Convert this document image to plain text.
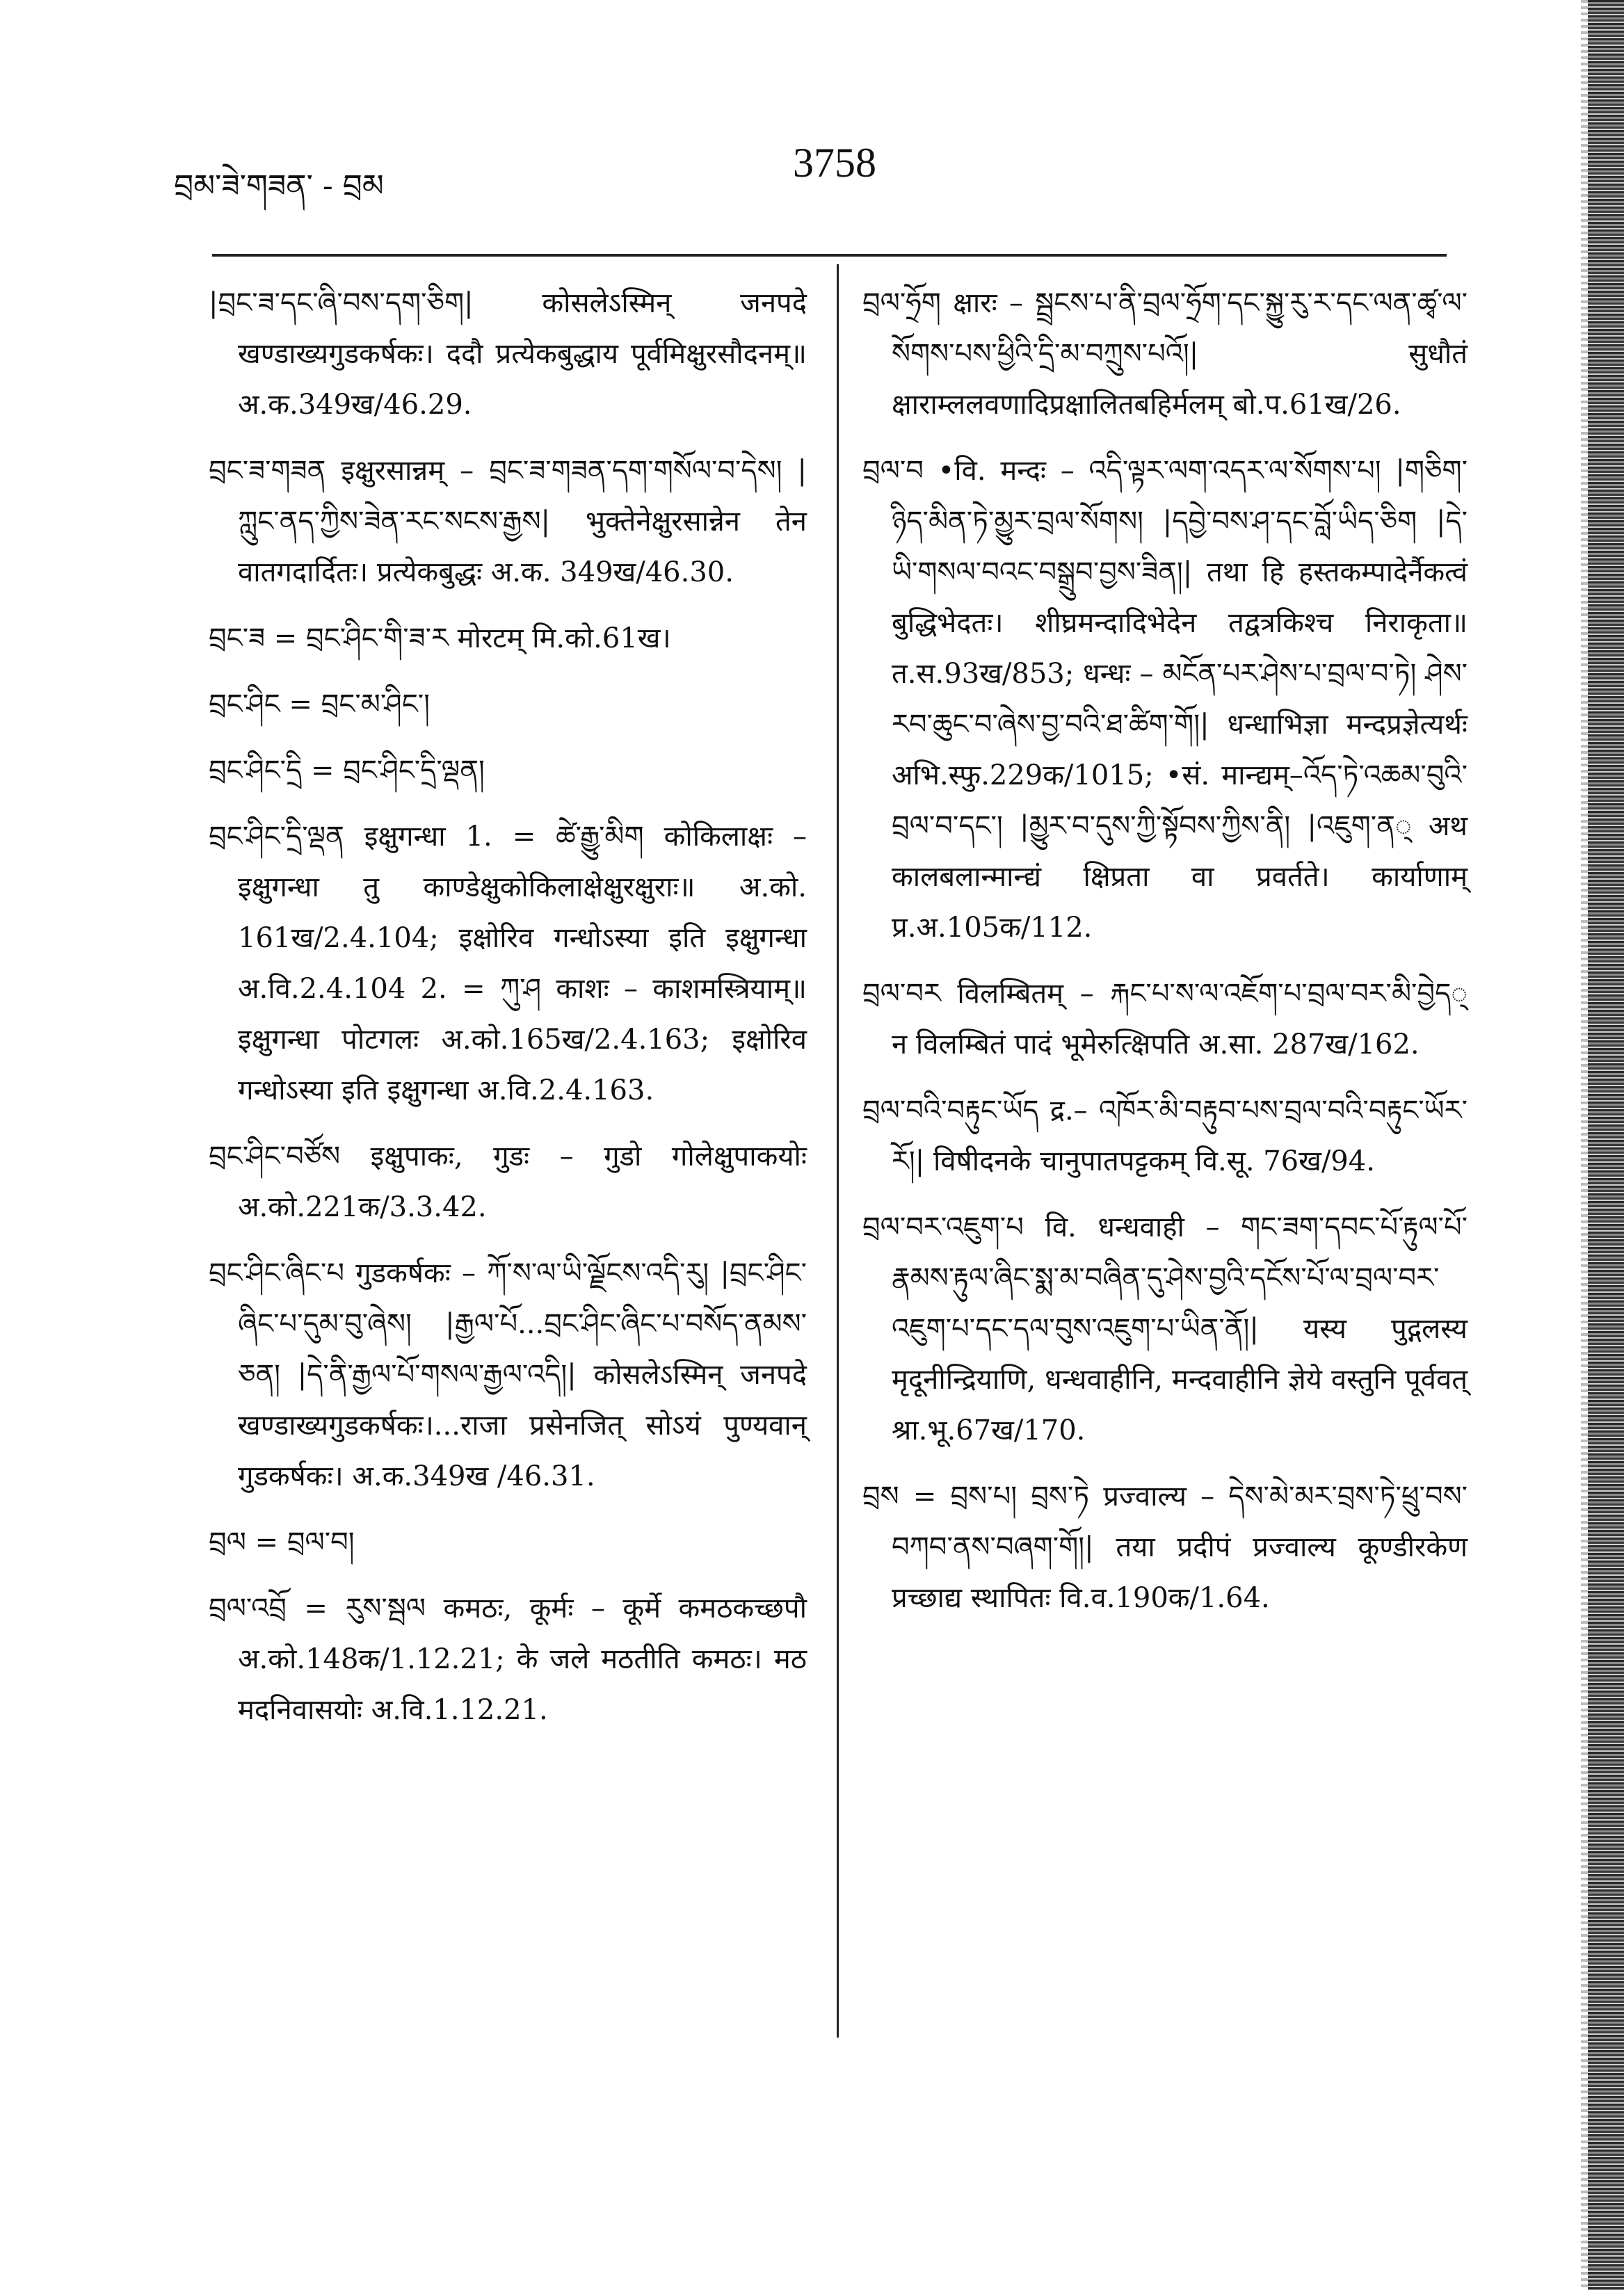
བྲམ་ཟེ་གཟན་ - བྲམ
3758

|བྲང་ཟ་དང་ཞི་བས་དག་ཅིག| कोसलेऽस्मिन् जनपदे खण्डाख्यगुडकर्षकः। ददौ प्रत्येकबुद्धाय पूर्वमिक्षुरसौदनम्॥ अ.क.349ख/46.29.

བྲང་ཟ་གཟན इक्षुरसान्नम् – བྲང་ཟ་གཟན་དག་གསོལ་བ་དེས། |ཀླུང་ནད་ཀྱིས་ཟེན་རང་སངས་རྒྱས| भुक्तेनेक्षुरसान्नेन तेन वातगदार्दितः। प्रत्येकबुद्धः अ.क. 349ख/46.30.

བྲང་ཟ = བྲང་ཤིང་གི་ཟ་ར मोरटम् मि.को.61ख।

བྲང་ཤིང = བྲང་མ་ཤིང་།

བྲང་ཤིང་དྲི = བྲང་ཤིང་དྲི་ལྡན།

བྲང་ཤིང་དྲི་ལྡན इक्षुगन्धा 1. = ཚེ་རྒྱུ་མིག कोकिलाक्षः – इक्षुगन्धा तु काण्डेक्षुकोकिलाक्षेक्षुरक्षुराः॥ अ.को. 161ख/2.4.104; इक्षोरिव गन्धोऽस्या इति इक्षुगन्धा अ.वि.2.4.104 2. = ཀུ་ཤ काशः – काशमस्त्रियाम्॥ इक्षुगन्धा पोटगलः अ.को.165ख/2.4.163; इक्षोरिव गन्धोऽस्या इति इक्षुगन्धा अ.वि.2.4.163.

བྲང་ཤིང་བཙོས इक्षुपाकः, गुडः – गुडो गोलेक्षुपाकयोः अ.को.221क/3.3.42.

བྲང་ཤིང་ཞིང་པ गुडकर्षकः – ཀོ་ས་ལ་ཡི་ལྗོངས་འདི་རུ། |བྲང་ཤིང་ཞིང་པ་དུམ་བུ་ཞེས། |རྒྱལ་པོ...བྲང་ཤིང་ཞིང་པ་བསོད་ནམས་ཅན། |དེ་ནི་རྒྱལ་པོ་གསལ་རྒྱལ་འདི།| कोसलेऽस्मिन् जनपदे खण्डाख्यगुडकर्षकः।...राजा प्रसेनजित् सोऽयं पुण्यवान् गुडकर्षकः। अ.क.349ख /46.31.

བྲལ = བྲལ་བ།

བྲལ་འབྲོ = རུས་སྦལ कमठः, कूर्मः – कूर्मे कमठकच्छपौ अ.को.148क/1.12.21; के जले मठतीति कमठः। मठ मदनिवासयोः अ.वि.1.12.21.

བྲལ་ཧྲོག क्षारः – སྦྲངས་པ་ནི་བྲལ་ཧྲོག་དང་སྐྱུ་རུ་ར་དང་ལན་ཚྭ་ལ་སོགས་པས་ཕྱིའི་དྲི་མ་བཀྲུས་པའོ།| सुधौतं क्षाराम्ललवणादिप्रक्षालितबहिर्मलम् बो.प.61ख/26.

བྲལ་བ •वि. मन्दः – འདི་ལྟར་ལག་འདར་ལ་སོགས་པ། |གཅིག་ཉིད་མིན་ཏེ་མྱུར་བྲལ་སོགས། |དབྱེ་བས་ཤ་དང་བློ་ཡིད་ཅིག |དེ་ཡི་གསལ་བའང་བསྒྲུབ་བྱས་ཟིན།| तथा हि हस्तकम्पादेर्नैकत्वं बुद्धिभेदतः। शीघ्रमन्दादिभेदेन तद्वत्रकिश्च निराकृता॥ त.स.93ख/853; धन्धः – མངོན་པར་ཤེས་པ་བྲལ་བ་ཏེ། ཤེས་རབ་ཆུང་བ་ཞེས་བྱ་བའི་ཐ་ཚིག་གོ།| धन्धाभिज्ञा मन्दप्रज्ञेत्यर्थः अभि.स्फु.229क/1015; •सं. मान्द्यम्–འོད་ཏེ་འཆམ་བུའི་བྲལ་བ་དང་། |མྱུར་བ་དུས་ཀྱི་སྟོབས་ཀྱིས་ནི། |འཇུག་ན् अथ कालबलान्मान्द्यं क्षिप्रता वा प्रवर्तते। कार्याणाम् प्र.अ.105क/112.

བྲལ་བར विलम्बितम् – རྐང་པ་ས་ལ་འཇོག་པ་བྲལ་བར་མི་བྱེད् न विलम्बितं पादं भूमेरुत्क्षिपति अ.सा. 287ख/162.

བྲལ་བའི་བརྟུང་ཡོད द्र.– འཁོར་མི་བརྟུབ་པས་བྲལ་བའི་བརྟུང་ཡོར་རོ།| विषीदनके चानुपातपट्टकम् वि.सू. 76ख/94.

བྲལ་བར་འཇུག་པ वि. धन्धवाही – གང་ཟག་དབང་པོ་རྟུལ་པོ་རྣམས་རྟུལ་ཞིང་སྨ་མ་བཞིན་དུ་ཤེས་བྱའི་དངོས་པོ་ལ་བྲལ་བར་འཇུག་པ་དང་དལ་བུས་འཇུག་པ་ཡིན་ནོ།| यस्य पुद्गलस्य मृदूनीन्द्रियाणि, धन्धवाहीनि, मन्दवाहीनि ज्ञेये वस्तुनि पूर्ववत् श्रा.भू.67ख/170.

བྲས = བྲས་པ། བྲས་ཏེ प्रज्वाल्य – དེས་མེ་མར་བྲས་ཏེ་ཕྲུ་བས་བཀབ་ནས་བཞག་གོ།| तया प्रदीपं प्रज्वाल्य कूण्डीरकेण प्रच्छाद्य स्थापितः वि.व.190क/1.64.
